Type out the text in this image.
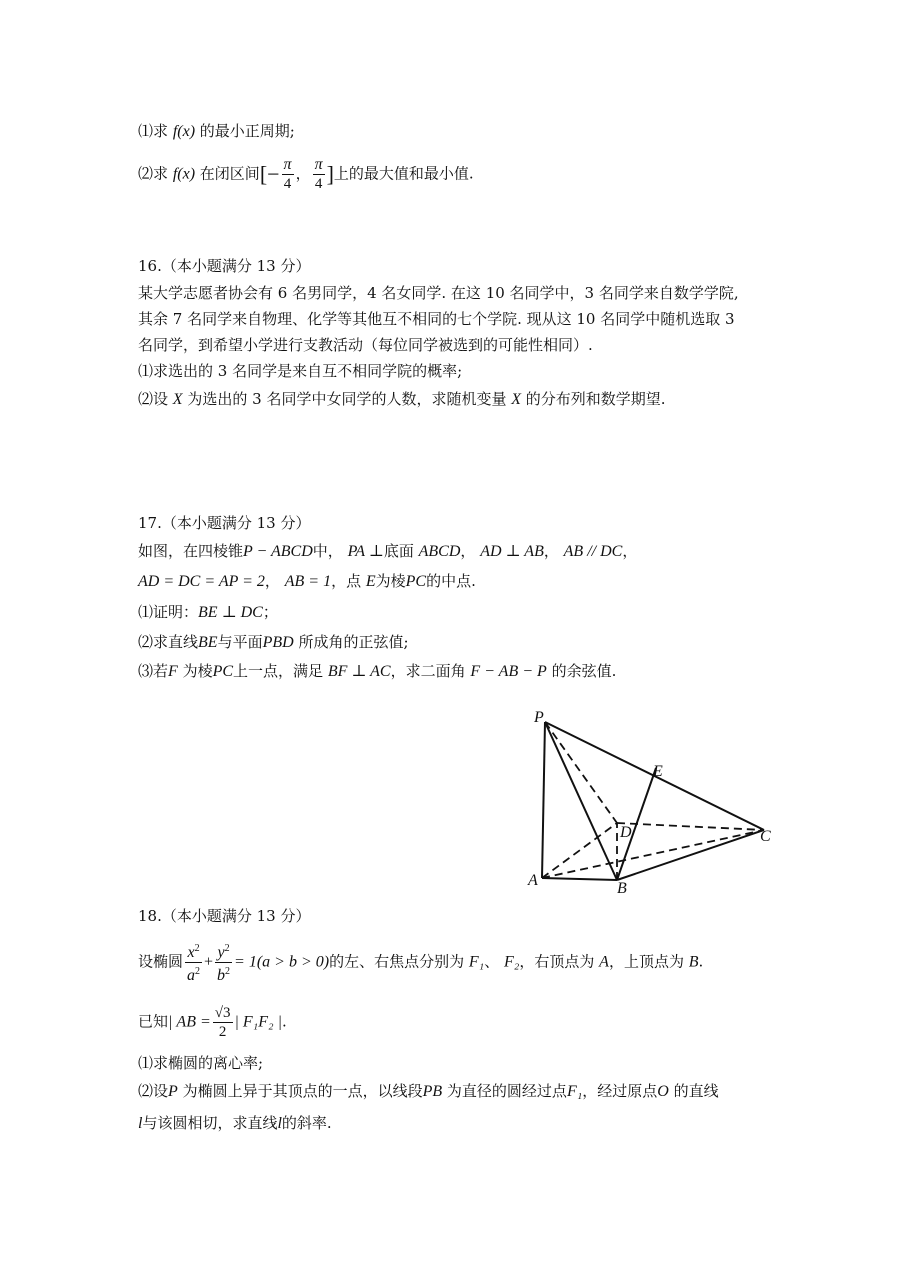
⑴求 f(x) 的最小正周期;
⑵求 f(x) 在闭区间[− $\frac{\pi}{4}$ ， $\frac{\pi}{4}$ ]上的最大值和最小值.
16.（本小题满分 13 分）
某大学志愿者协会有 6 名男同学，4 名女同学. 在这 10 名同学中，3 名同学来自数学学院,
其余 7 名同学来自物理、化学等其他互不相同的七个学院. 现从这 10 名同学中随机选取 3
名同学，到希望小学进行支教活动（每位同学被选到的可能性相同）.
⑴求选出的 3 名同学是来自互不相同学院的概率;
⑵设 X 为选出的 3 名同学中女同学的人数，求随机变量 X 的分布列和数学期望.
17.（本小题满分 13 分）
如图，在四棱锥P − ABCD中， PA ⊥底面 ABCD， AD ⊥ AB， AB // DC，
AD = DC = AP = 2， AB = 1，点 E为棱PC的中点.
⑴证明：BE ⊥ DC；
⑵求直线BE与平面PBD 所成角的正弦值;
⑶若F 为棱PC上一点，满足 BF ⊥ AC，求二面角 F − AB − P 的余弦值.
P
E
D	C
A	B
18.（本小题满分 13 分）
设椭圆 $\frac{x^2}{a^2} + \frac{y^2}{b^2} = 1(a > b > 0)$的左、右焦点分别为 F₁、 F₂，右顶点为 A，上顶点为 B.
已知| AB = $\frac{√3}{2}$ | F₁F₂ |.
⑴求椭圆的离心率;
⑵设P 为椭圆上异于其顶点的一点，以线段PB 为直径的圆经过点F₁，经过原点O 的直线
l与该圆相切，求直线l的斜率.
